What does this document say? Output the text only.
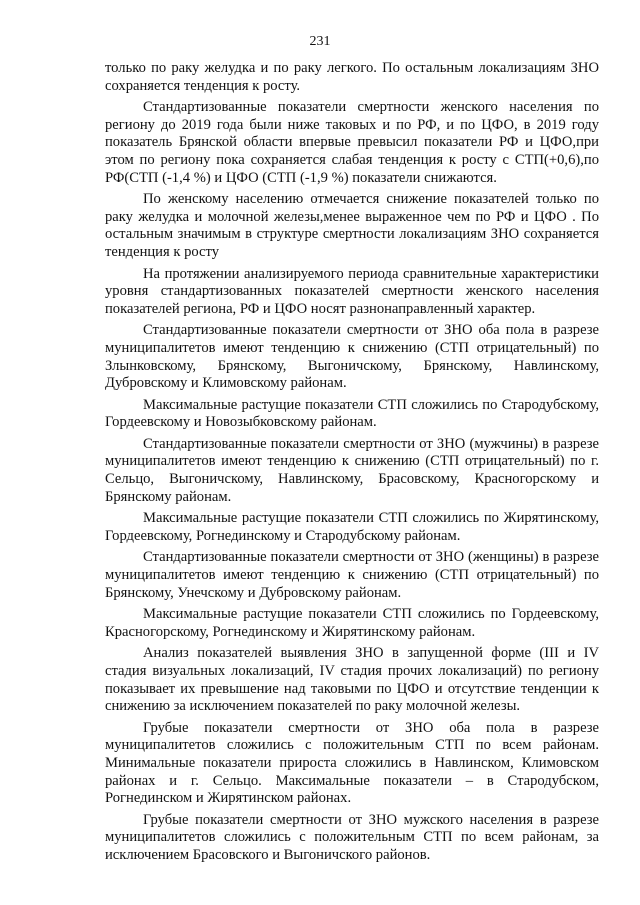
231

только по раку желудка и по раку легкого. По остальным локализациям ЗНО сохраняется тенденция к росту.

Стандартизованные показатели смертности женского населения по региону до 2019 года были ниже таковых и по РФ, и по ЦФО, в 2019 году показатель Брянской области впервые превысил показатели РФ и ЦФО,при этом по региону пока сохраняется слабая тенденция к росту с СТП(+0,6),по РФ(СТП (-1,4 %) и ЦФО (СТП (-1,9 %) показатели снижаются.

По женскому населению отмечается снижение показателей только по раку желудка и молочной железы,менее выраженное чем по РФ и ЦФО . По остальным значимым в структуре смертности локализациям ЗНО сохраняется тенденция к росту

На протяжении анализируемого периода сравнительные характеристики уровня стандартизованных показателей смертности женского населения показателей региона, РФ и ЦФО носят разнонаправленный характер.

Стандартизованные показатели смертности от ЗНО оба пола в разрезе муниципалитетов имеют тенденцию к снижению (СТП отрицательный) по Злынковскому, Брянскому, Выгоничскому, Брянскому, Навлинскому, Дубровскому и Климовскому районам.

Максимальные растущие показатели СТП сложились по Стародубскому, Гордеевскому и Новозыбковскому районам.

Стандартизованные показатели смертности от ЗНО (мужчины) в разрезе муниципалитетов имеют тенденцию к снижению (СТП отрицательный) по г. Сельцо, Выгоничскому, Навлинскому, Брасовскому, Красногорскому и Брянскому районам.

Максимальные растущие показатели СТП сложились по Жирятинскому, Гордеевскому, Рогнединскому и Стародубскому районам.

Стандартизованные показатели смертности от ЗНО (женщины) в разрезе муниципалитетов имеют тенденцию к снижению (СТП отрицательный) по Брянскому, Унечскому и Дубровскому районам.

Максимальные растущие показатели СТП сложились по Гордеевскому, Красногорскому, Рогнединскому и Жирятинскому районам.

Анализ показателей выявления ЗНО в запущенной форме (III и IV стадия визуальных локализаций, IV стадия прочих локализаций) по региону показывает их превышение над таковыми по ЦФО и отсутствие тенденции к снижению за исключением показателей по раку молочной железы.

Грубые показатели смертности от ЗНО оба пола в разрезе муниципалитетов сложились с положительным СТП по всем районам. Минимальные показатели прироста сложились в Навлинском, Климовском районах и г. Сельцо. Максимальные показатели – в Стародубском, Рогнединском и Жирятинском районах.

Грубые показатели смертности от ЗНО мужского населения в разрезе муниципалитетов сложились с положительным СТП по всем районам, за исключением Брасовского и Выгоничского районов.
